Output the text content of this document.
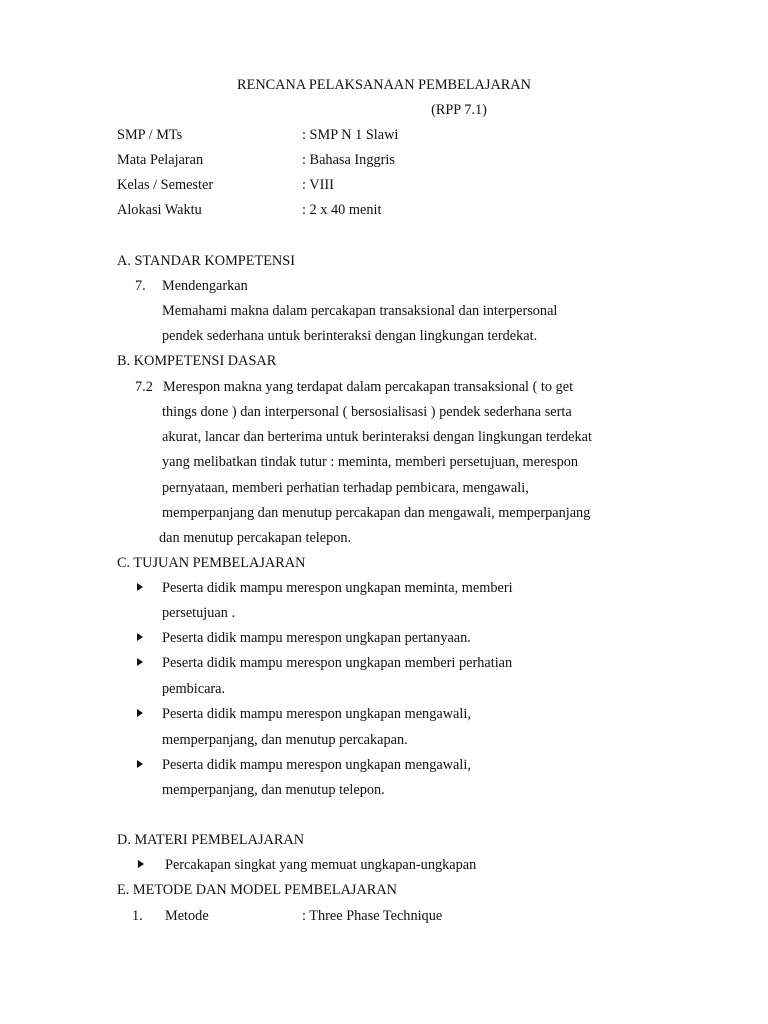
RENCANA PELAKSANAAN PEMBELAJARAN
(RPP 7.1)
SMP / MTs	: SMP N 1 Slawi
Mata Pelajaran	: Bahasa Inggris
Kelas / Semester	: VIII
Alokasi Waktu	: 2 x 40 menit
A. STANDAR KOMPETENSI
7. Mendengarkan
Memahami makna dalam percakapan transaksional dan interpersonal
pendek sederhana untuk berinteraksi dengan lingkungan terdekat.
B. KOMPETENSI DASAR
7.2 Merespon makna yang terdapat dalam percakapan transaksional ( to get
things done ) dan interpersonal ( bersosialisasi ) pendek sederhana serta
akurat, lancar dan berterima untuk berinteraksi dengan lingkungan terdekat
yang melibatkan tindak tutur : meminta, memberi persetujuan, merespon
pernyataan, memberi perhatian terhadap pembicara, mengawali,
memperpanjang dan menutup percakapan dan mengawali, memperpanjang
dan menutup percakapan telepon.
C. TUJUAN PEMBELAJARAN
Peserta didik mampu merespon ungkapan meminta, memberi
persetujuan .
Peserta didik mampu merespon ungkapan pertanyaan.
Peserta didik mampu merespon ungkapan memberi perhatian
pembicara.
Peserta didik mampu merespon ungkapan mengawali,
memperpanjang, dan menutup percakapan.
Peserta didik mampu merespon ungkapan mengawali,
memperpanjang, dan menutup telepon.
D. MATERI PEMBELAJARAN
Percakapan singkat yang memuat ungkapan-ungkapan
E. METODE DAN MODEL PEMBELAJARAN
1. Metode	: Three Phase Technique
